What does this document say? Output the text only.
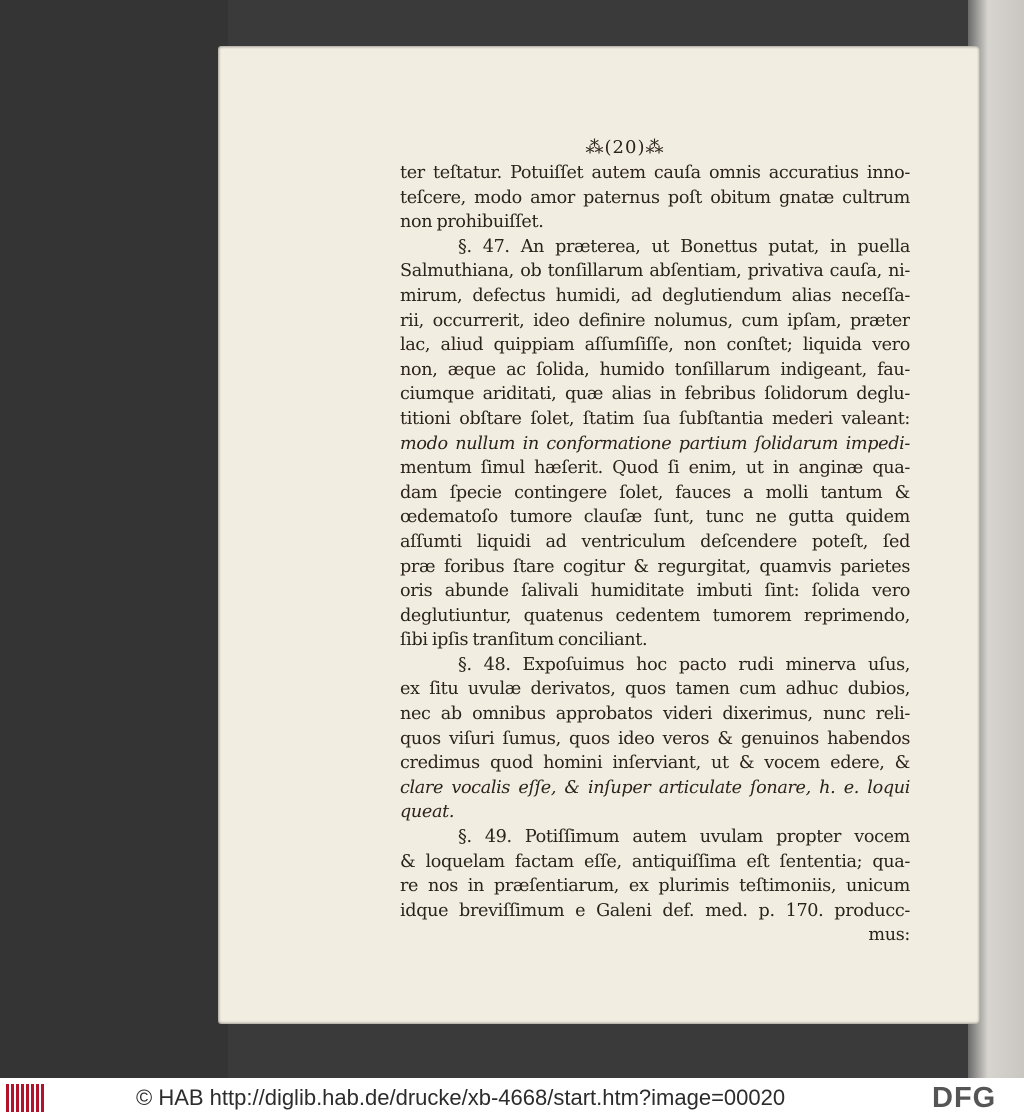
⁂(20)⁂
ter teſtatur. Potuiſſet autem cauſa omnis accuratius inno-
teſcere, modo amor paternus poſt obitum gnatæ cultrum
non prohibuiſſet.
§. 47. An præterea, ut Bonettus putat, in puella
Salmuthiana, ob tonſillarum abſentiam, privativa cauſa, ni-
mirum, defectus humidi, ad deglutiendum alias neceſſa-
rii, occurrerit, ideo definire nolumus, cum ipſam, præter
lac, aliud quippiam aſſumſiſſe, non conſtet; liquida vero
non, æque ac ſolida, humido tonſillarum indigeant, fau-
ciumque ariditati, quæ alias in febribus ſolidorum deglu-
titioni obſtare ſolet, ſtatim ſua ſubſtantia mederi valeant:
modo nullum in conformatione partium ſolidarum impedi-
mentum ſimul hæſerit. Quod ſi enim, ut in anginæ qua-
dam ſpecie contingere ſolet, fauces a molli tantum &
œdematoſo tumore clauſæ ſunt, tunc ne gutta quidem
aſſumti liquidi ad ventriculum deſcendere poteſt, ſed
præ foribus ſtare cogitur & regurgitat, quamvis parietes
oris abunde ſalivali humiditate imbuti ſint: ſolida vero
deglutiuntur, quatenus cedentem tumorem reprimendo,
ſibi ipſis tranſitum conciliant.
§. 48. Expoſuimus hoc pacto rudi minerva uſus,
ex ſitu uvulæ derivatos, quos tamen cum adhuc dubios,
nec ab omnibus approbatos videri dixerimus, nunc reli-
quos viſuri ſumus, quos ideo veros & genuinos habendos
credimus quod homini inſerviant, ut & vocem edere, &
clare vocalis eſſe, & inſuper articulate ſonare, h. e. loqui
queat.
§. 49. Potiſſimum autem uvulam propter vocem
& loquelam factam eſſe, antiquiſſima eſt ſententia; qua-
re nos in præſentiarum, ex plurimis teſtimoniis, unicum
idque breviſſimum e Galeni def. med. p. 170. producc-
mus:
© HAB http://diglib.hab.de/drucke/xb-4668/start.htm?image=00020	DFG
